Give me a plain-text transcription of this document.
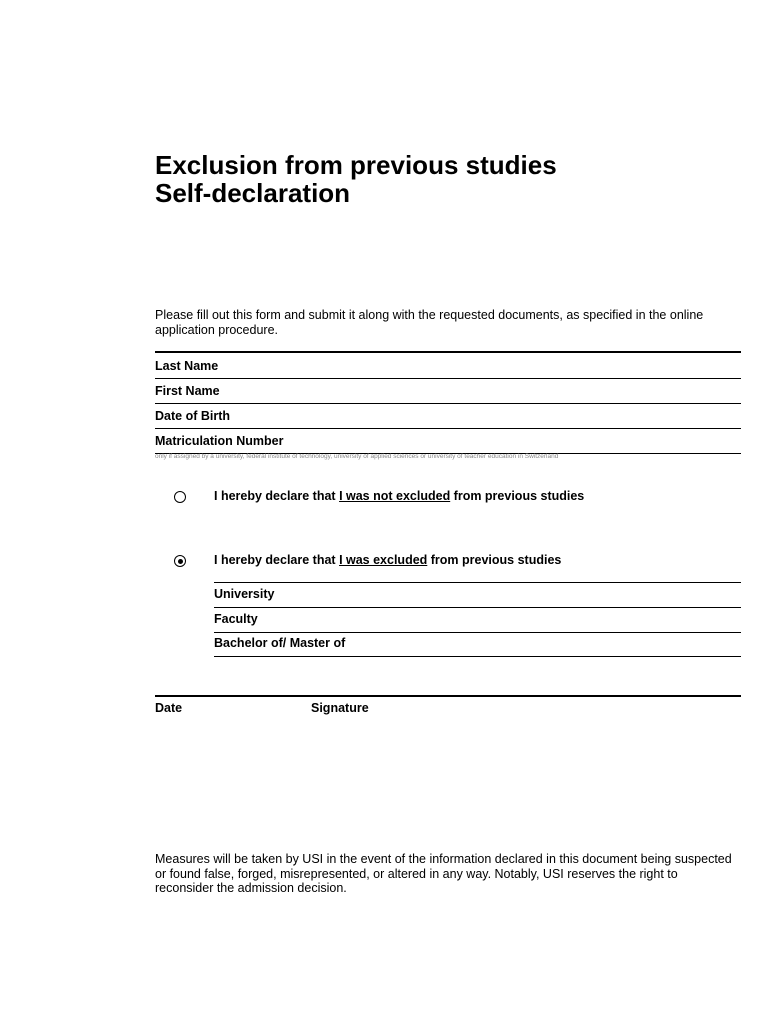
Exclusion from previous studies
Self-declaration
Please fill out this form and submit it along with the requested documents, as specified in the online application procedure.
Last Name
First Name
Date of Birth
Matriculation Number
only if assigned by a university, federal institute of technology, university of applied sciences or university of teacher education in Switzerland
I hereby declare that I was not excluded from previous studies
I hereby declare that I was excluded from previous studies
University
Faculty
Bachelor of/ Master of
Date	Signature
Measures will be taken by USI in the event of the information declared in this document being suspected or found false, forged, misrepresented, or altered in any way. Notably, USI reserves the right to reconsider the admission decision.
